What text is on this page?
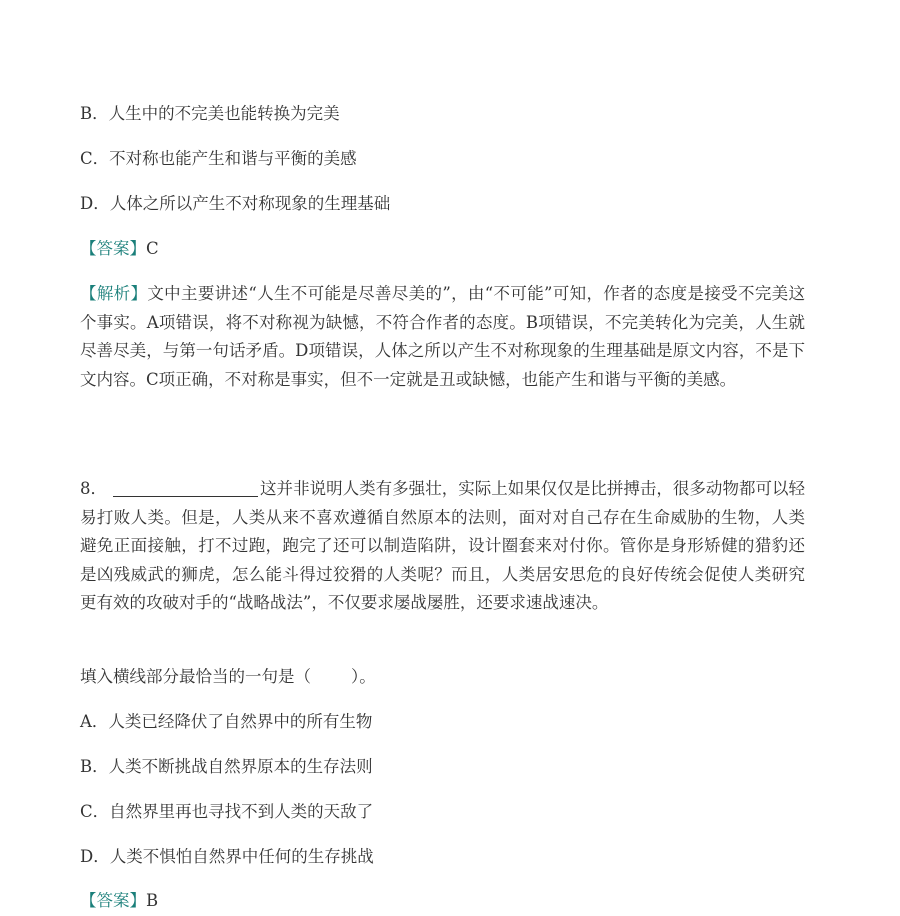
B．人生中的不完美也能转换为完美

C．不对称也能产生和谐与平衡的美感

D．人体之所以产生不对称现象的生理基础

【答案】C

【解析】文中主要讲述“人生不可能是尽善尽美的”，由“不可能”可知，作者的态度是接受不完美这个事实。A项错误，将不对称视为缺憾，不符合作者的态度。B项错误，不完美转化为完美，人生就尽善尽美，与第一句话矛盾。D项错误，人体之所以产生不对称现象的生理基础是原文内容，不是下文内容。C项正确，不对称是事实，但不一定就是丑或缺憾，也能产生和谐与平衡的美感。

8．	这并非说明人类有多强壮，实际上如果仅仅是比拼搏击，很多动物都可以轻易打败人类。但是，人类从来不喜欢遵循自然原本的法则，面对对自己存在生命威胁的生物，人类避免正面接触，打不过跑，跑完了还可以制造陷阱，设计圈套来对付你。管你是身形矫健的猎豹还是凶残威武的狮虎，怎么能斗得过狡猾的人类呢？而且，人类居安思危的良好传统会促使人类研究更有效的攻破对手的“战略战法”，不仅要求屡战屡胜，还要求速战速决。

填入横线部分最恰当的一句是（ ）。

A．人类已经降伏了自然界中的所有生物

B．人类不断挑战自然界原本的生存法则

C．自然界里再也寻找不到人类的天敌了

D．人类不惧怕自然界中任何的生存挑战

【答案】B
